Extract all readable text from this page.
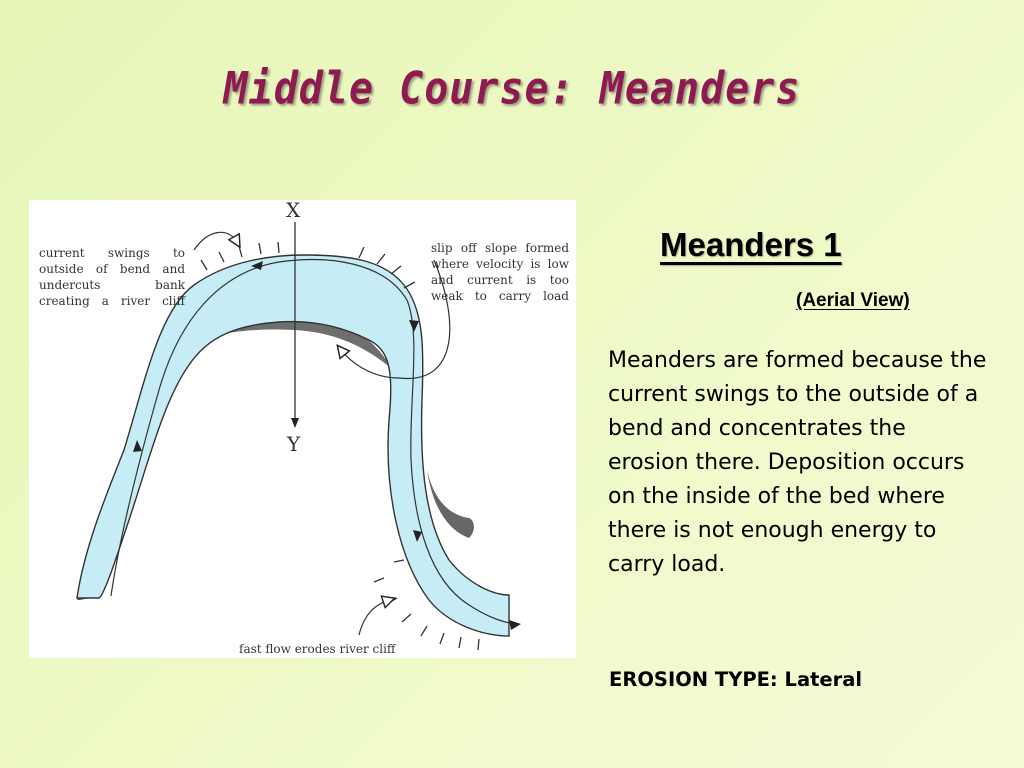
Middle Course: Meanders
X
Y
current swings to outside of bend and undercuts bank creating a river cliff
slip off slope formed where velocity is low and current is too weak to carry load
fast flow erodes river cliff
Meanders 1
(Aerial View)
Meanders are formed because the current swings to the outside of a bend and concentrates the erosion there. Deposition occurs on the inside of the bed where there is not enough energy to carry load.
EROSION TYPE: Lateral
